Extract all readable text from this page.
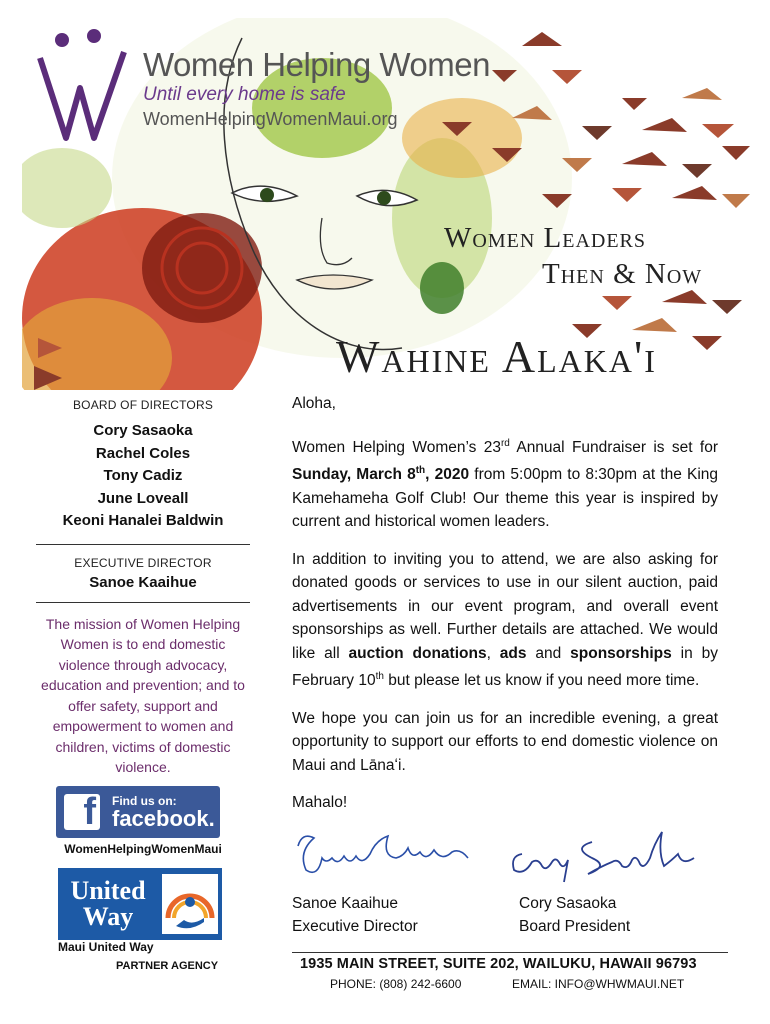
Women Helping Women
Until every home is safe
WomenHelpingWomenMaui.org
Women Leaders
Then & Now
Wahine Alaka'i
BOARD OF DIRECTORS
Cory Sasaoka
Rachel Coles
Tony Cadiz
June Loveall
Keoni Hanalei Baldwin
EXECUTIVE DIRECTOR
Sanoe Kaaihue
The mission of Women Helping Women is to end domestic violence through advocacy, education and prevention; and to offer safety, support and empowerment to women and children, victims of domestic violence.
f Find us on:
facebook.
WomenHelpingWomenMaui
United
Way
Maui United Way
PARTNER AGENCY

Aloha,

Women Helping Women’s 23rd Annual Fundraiser is set for Sunday, March 8th, 2020 from 5:00pm to 8:30pm at the King Kamehameha Golf Club! Our theme this year is inspired by current and historical women leaders.

In addition to inviting you to attend, we are also asking for donated goods or services to use in our silent auction, paid advertisements in our event program, and overall event sponsorships as well. Further details are attached. We would like all auction donations, ads and sponsorships in by February 10th but please let us know if you need more time.

We hope you can join us for an incredible evening, a great opportunity to support our efforts to end domestic violence on Maui and Lānaʻi.

Mahalo!

Sanoe Kaaihue
Executive Director
Cory Sasaoka
Board President
1935 MAIN STREET, SUITE 202, WAILUKU, HAWAII 96793
PHONE: (808) 242-6600	EMAIL: INFO@WHWMAUI.NET
